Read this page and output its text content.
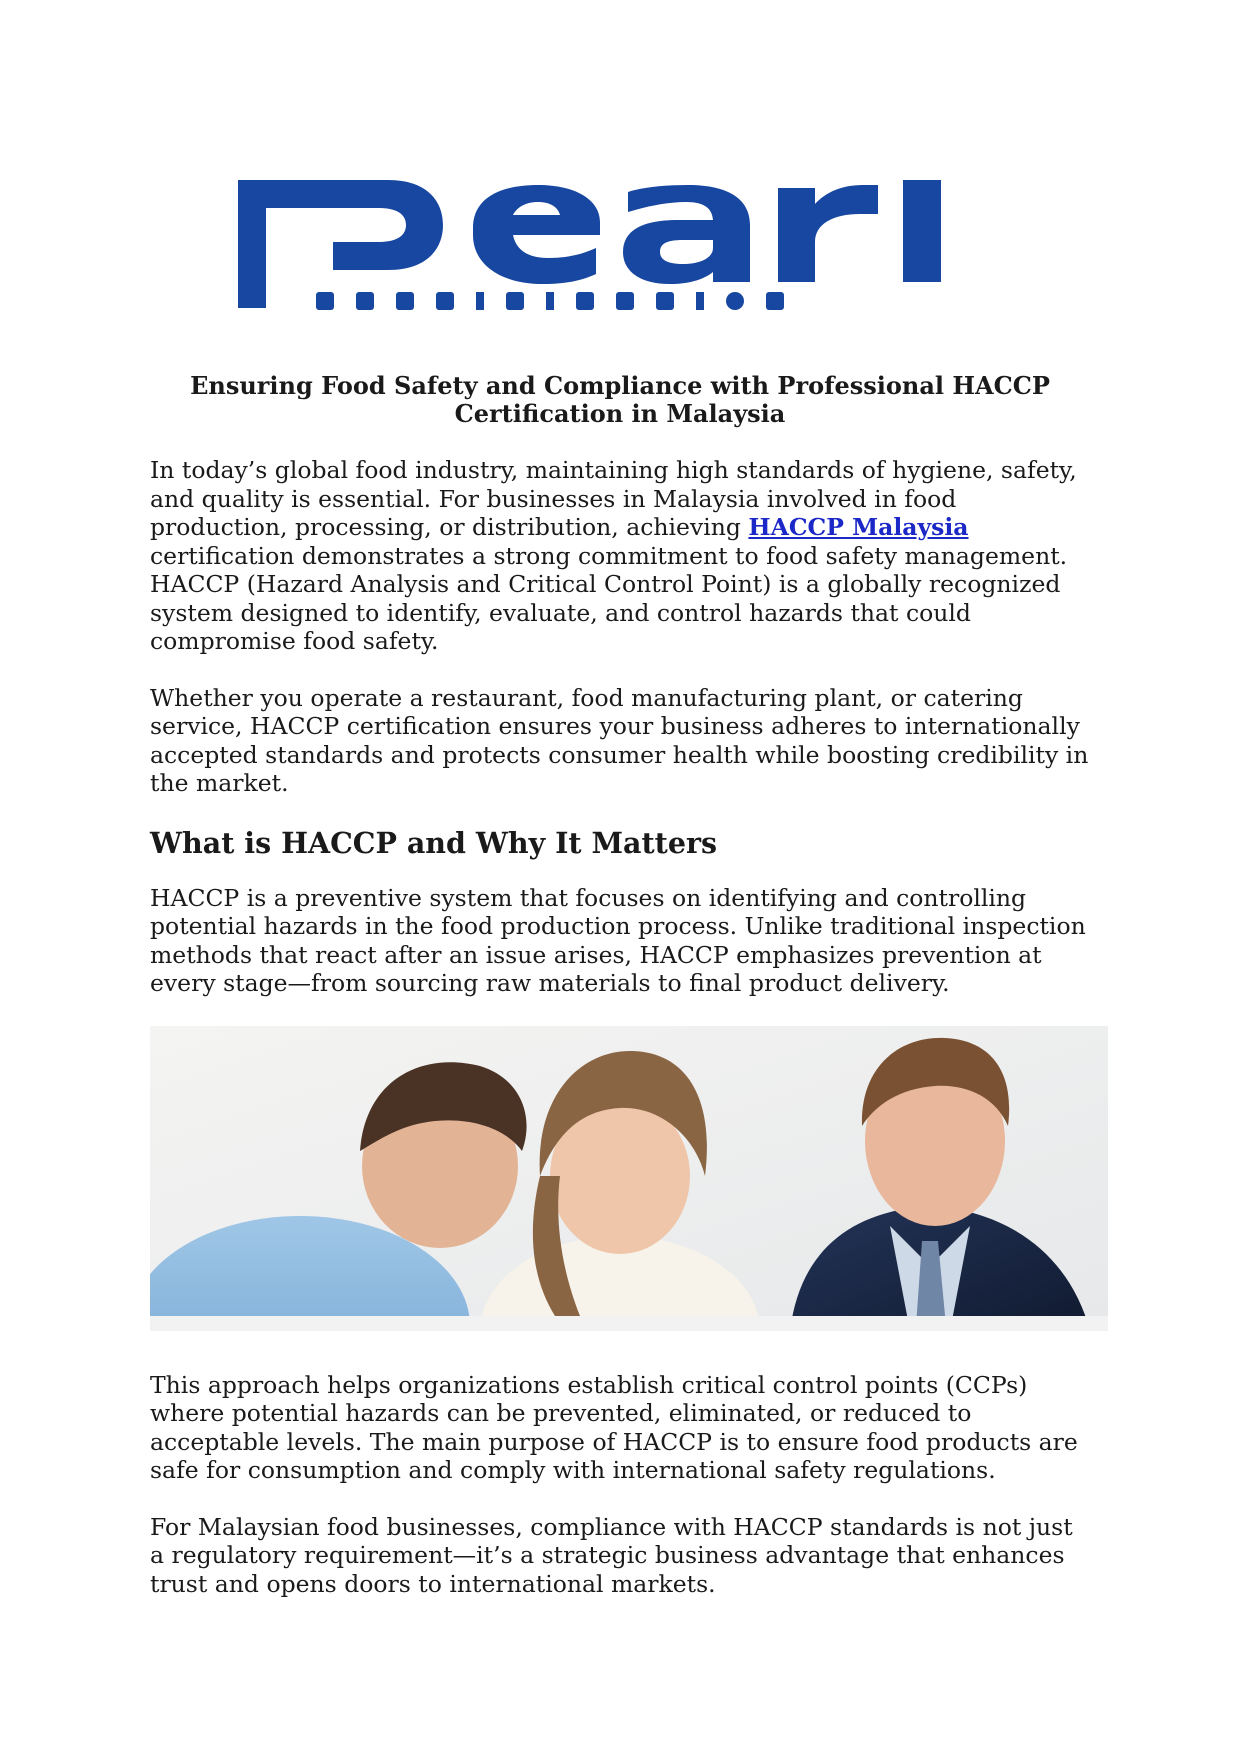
Ensuring Food Safety and Compliance with Professional HACCP Certification in Malaysia

In today’s global food industry, maintaining high standards of hygiene, safety, and quality is essential. For businesses in Malaysia involved in food production, processing, or distribution, achieving HACCP Malaysia certification demonstrates a strong commitment to food safety management. HACCP (Hazard Analysis and Critical Control Point) is a globally recognized system designed to identify, evaluate, and control hazards that could compromise food safety.

Whether you operate a restaurant, food manufacturing plant, or catering service, HACCP certification ensures your business adheres to internationally accepted standards and protects consumer health while boosting credibility in the market.

What is HACCP and Why It Matters

HACCP is a preventive system that focuses on identifying and controlling potential hazards in the food production process. Unlike traditional inspection methods that react after an issue arises, HACCP emphasizes prevention at every stage—from sourcing raw materials to final product delivery.

This approach helps organizations establish critical control points (CCPs) where potential hazards can be prevented, eliminated, or reduced to acceptable levels. The main purpose of HACCP is to ensure food products are safe for consumption and comply with international safety regulations.

For Malaysian food businesses, compliance with HACCP standards is not just a regulatory requirement—it’s a strategic business advantage that enhances trust and opens doors to international markets.
